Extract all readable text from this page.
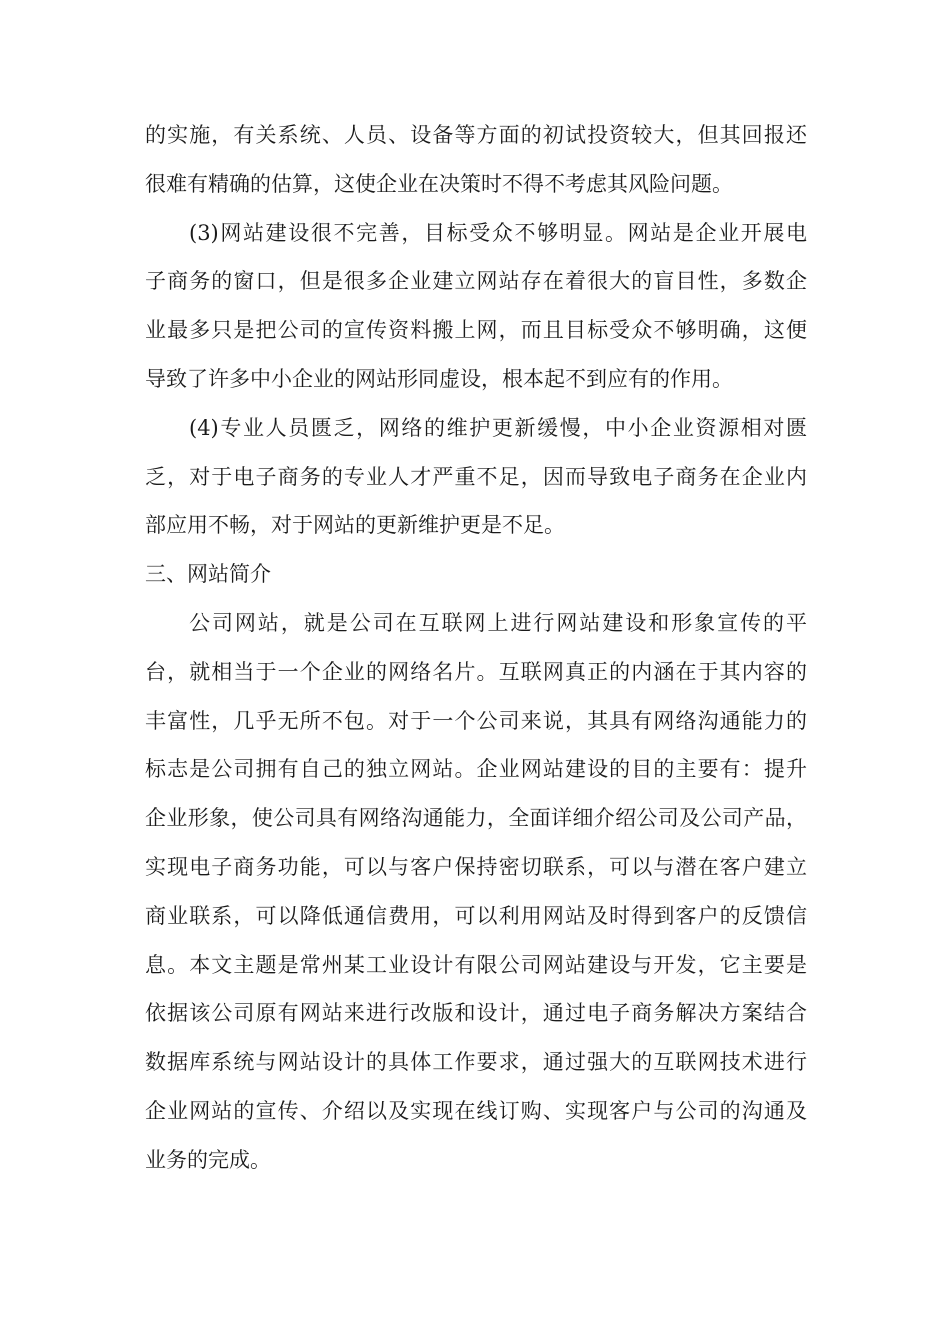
的实施，有关系统、人员、设备等方面的初试投资较大，但其回报还
很难有精确的估算，这使企业在决策时不得不考虑其风险问题。
(3)网站建设很不完善，目标受众不够明显。网站是企业开展电
子商务的窗口，但是很多企业建立网站存在着很大的盲目性，多数企
业最多只是把公司的宣传资料搬上网，而且目标受众不够明确，这便
导致了许多中小企业的网站形同虚设，根本起不到应有的作用。
(4)专业人员匮乏，网络的维护更新缓慢，中小企业资源相对匮
乏，对于电子商务的专业人才严重不足，因而导致电子商务在企业内
部应用不畅，对于网站的更新维护更是不足。
三、网站简介
公司网站，就是公司在互联网上进行网站建设和形象宣传的平
台，就相当于一个企业的网络名片。互联网真正的内涵在于其内容的
丰富性，几乎无所不包。对于一个公司来说，其具有网络沟通能力的
标志是公司拥有自己的独立网站。企业网站建设的目的主要有：提升
企业形象，使公司具有网络沟通能力，全面详细介绍公司及公司产品，
实现电子商务功能，可以与客户保持密切联系，可以与潜在客户建立
商业联系，可以降低通信费用，可以利用网站及时得到客户的反馈信
息。本文主题是常州某工业设计有限公司网站建设与开发，它主要是
依据该公司原有网站来进行改版和设计，通过电子商务解决方案结合
数据库系统与网站设计的具体工作要求，通过强大的互联网技术进行
企业网站的宣传、介绍以及实现在线订购、实现客户与公司的沟通及
业务的完成。
